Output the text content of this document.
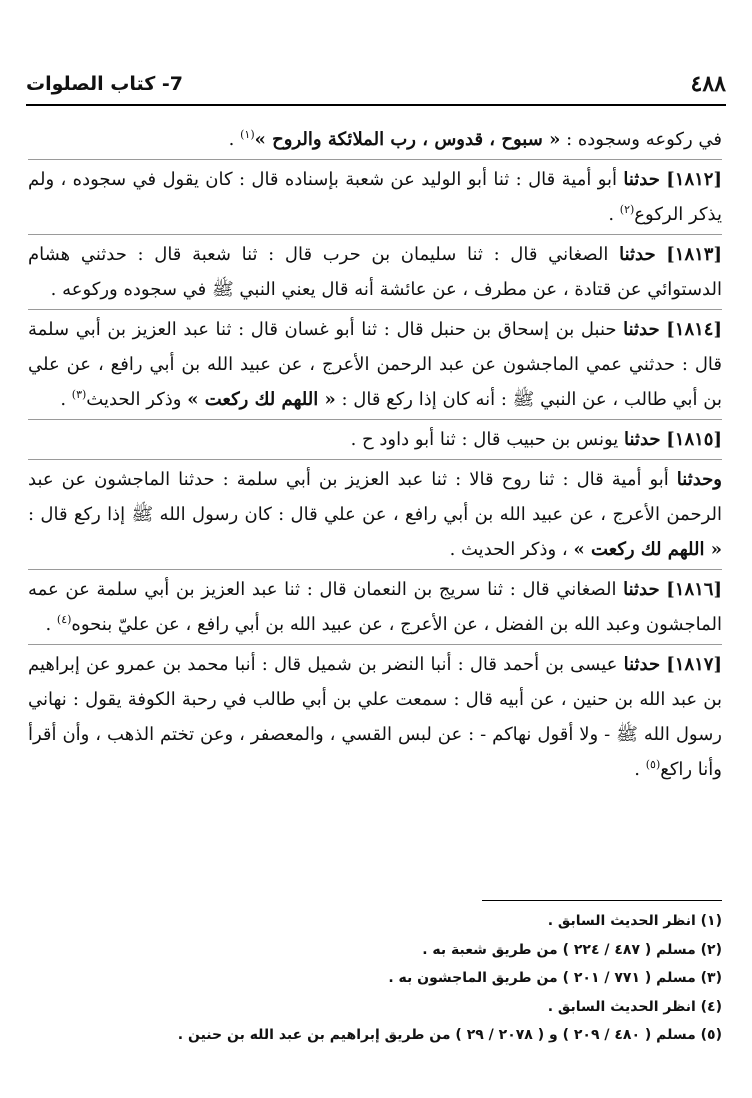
٤٨٨
7- كتاب الصلوات

في ركوعه وسجوده : « سبوح ، قدوس ، رب الملائكة والروح »$^{(١)}$ .

[١٨١٢] حدثنا أبو أمية قال : ثنا أبو الوليد عن شعبة بإسناده قال : كان يقول في سجوده ، ولم يذكر الركوع$^{(٢)}$ .

[١٨١٣] حدثنا الصغاني قال : ثنا سليمان بن حرب قال : ثنا شعبة قال : حدثني هشام الدستوائي عن قتادة ، عن مطرف ، عن عائشة أنه قال يعني النبي ﷺ في سجوده وركوعه .

[١٨١٤] حدثنا حنبل بن إسحاق بن حنبل قال : ثنا أبو غسان قال : ثنا عبد العزيز بن أبي سلمة قال : حدثني عمي الماجشون عن عبد الرحمن الأعرج ، عن عبيد الله بن أبي رافع ، عن علي بن أبي طالب ، عن النبي ﷺ : أنه كان إذا ركع قال : « اللهم لك ركعت » وذكر الحديث$^{(٣)}$ .

[١٨١٥] حدثنا يونس بن حبيب قال : ثنا أبو داود ح .

وحدثنا أبو أمية قال : ثنا روح قالا : ثنا عبد العزيز بن أبي سلمة : حدثنا الماجشون عن عبد الرحمن الأعرج ، عن عبيد الله بن أبي رافع ، عن علي قال : كان رسول الله ﷺ إذا ركع قال : « اللهم لك ركعت » ، وذكر الحديث .

[١٨١٦] حدثنا الصغاني قال : ثنا سريج بن النعمان قال : ثنا عبد العزيز بن أبي سلمة عن عمه الماجشون وعبد الله بن الفضل ، عن الأعرج ، عن عبيد الله بن أبي رافع ، عن عليّ بنحوه$^{(٤)}$ .

[١٨١٧] حدثنا عيسى بن أحمد قال : أنبا النضر بن شميل قال : أنبا محمد بن عمرو عن إبراهيم بن عبد الله بن حنين ، عن أبيه قال : سمعت علي بن أبي طالب في رحبة الكوفة يقول : نهاني رسول الله ﷺ - ولا أقول نهاكم - : عن لبس القسي ، والمعصفر ، وعن تختم الذهب ، وأن أقرأ وأنا راكع$^{(٥)}$ .

(١) انظر الحديث السابق .

(٢) مسلم ( ٤٨٧ / ٢٢٤ ) من طريق شعبة به .

(٣) مسلم ( ٧٧١ / ٢٠١ ) من طريق الماجشون به .

(٤) انظر الحديث السابق .

(٥) مسلم ( ٤٨٠ / ٢٠٩ ) و ( ٢٠٧٨ / ٢٩ ) من طريق إبراهيم بن عبد الله بن حنين .
